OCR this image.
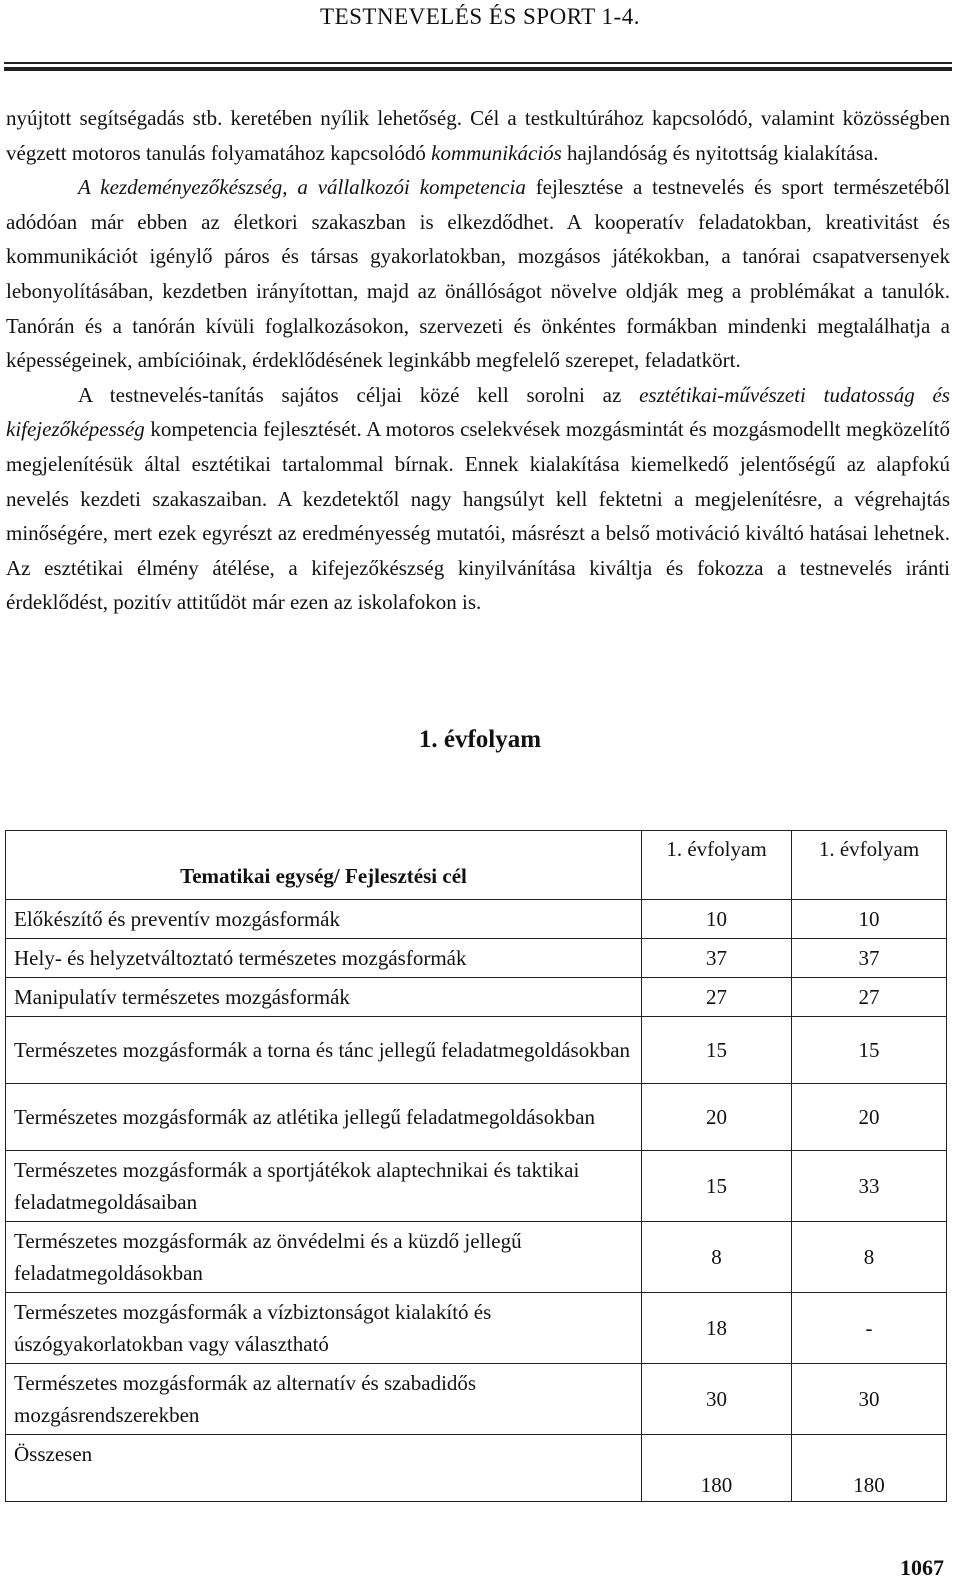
TESTNEVELÉS ÉS SPORT 1-4.

nyújtott segítségadás stb. keretében nyílik lehetőség. Cél a testkultúrához kapcsolódó, valamint közösségben végzett motoros tanulás folyamatához kapcsolódó kommunikációs hajlandóság és nyitottság kialakítása.

A kezdeményezőkészség, a vállalkozói kompetencia fejlesztése a testnevelés és sport természetéből adódóan már ebben az életkori szakaszban is elkezdődhet. A kooperatív feladatokban, kreativitást és kommunikációt igénylő páros és társas gyakorlatokban, mozgásos játékokban, a tanórai csapatversenyek lebonyolításában, kezdetben irányítottan, majd az önállóságot növelve oldják meg a problémákat a tanulók. Tanórán és a tanórán kívüli foglalkozásokon, szervezeti és önkéntes formákban mindenki megtalálhatja a képességeinek, ambícióinak, érdeklődésének leginkább megfelelő szerepet, feladatkört.

A testnevelés-tanítás sajátos céljai közé kell sorolni az esztétikai-művészeti tudatosság és kifejezőképesség kompetencia fejlesztését. A motoros cselekvések mozgásmintát és mozgásmodellt megközelítő megjelenítésük által esztétikai tartalommal bírnak. Ennek kialakítása kiemelkedő jelentőségű az alapfokú nevelés kezdeti szakaszaiban. A kezdetektől nagy hangsúlyt kell fektetni a megjelenítésre, a végrehajtás minőségére, mert ezek egyrészt az eredményesség mutatói, másrészt a belső motiváció kiváltó hatásai lehetnek. Az esztétikai élmény átélése, a kifejezőkészség kinyilvánítása kiváltja és fokozza a testnevelés iránti érdeklődést, pozitív attitűdöt már ezen az iskolafokon is.

1. évfolyam
Tematikai egység/ Fejlesztési cél	1. évfolyam	1. évfolyam
Előkészítő és preventív mozgásformák	10	10
Hely- és helyzetváltoztató természetes mozgásformák	37	37
Manipulatív természetes mozgásformák	27	27
Természetes mozgásformák a torna és tánc jellegű feladatmegoldásokban	15	15
Természetes mozgásformák az atlétika jellegű feladatmegoldásokban	20	20
Természetes mozgásformák a sportjátékok alaptechnikai és taktikai feladatmegoldásaiban	15	33
Természetes mozgásformák az önvédelmi és a küzdő jellegű feladatmegoldásokban	8	8
Természetes mozgásformák a vízbiztonságot kialakító és úszógyakorlatokban vagy választható	18	-
Természetes mozgásformák az alternatív és szabadidős mozgásrendszerekben	30	30
Összesen	180	180
1067
